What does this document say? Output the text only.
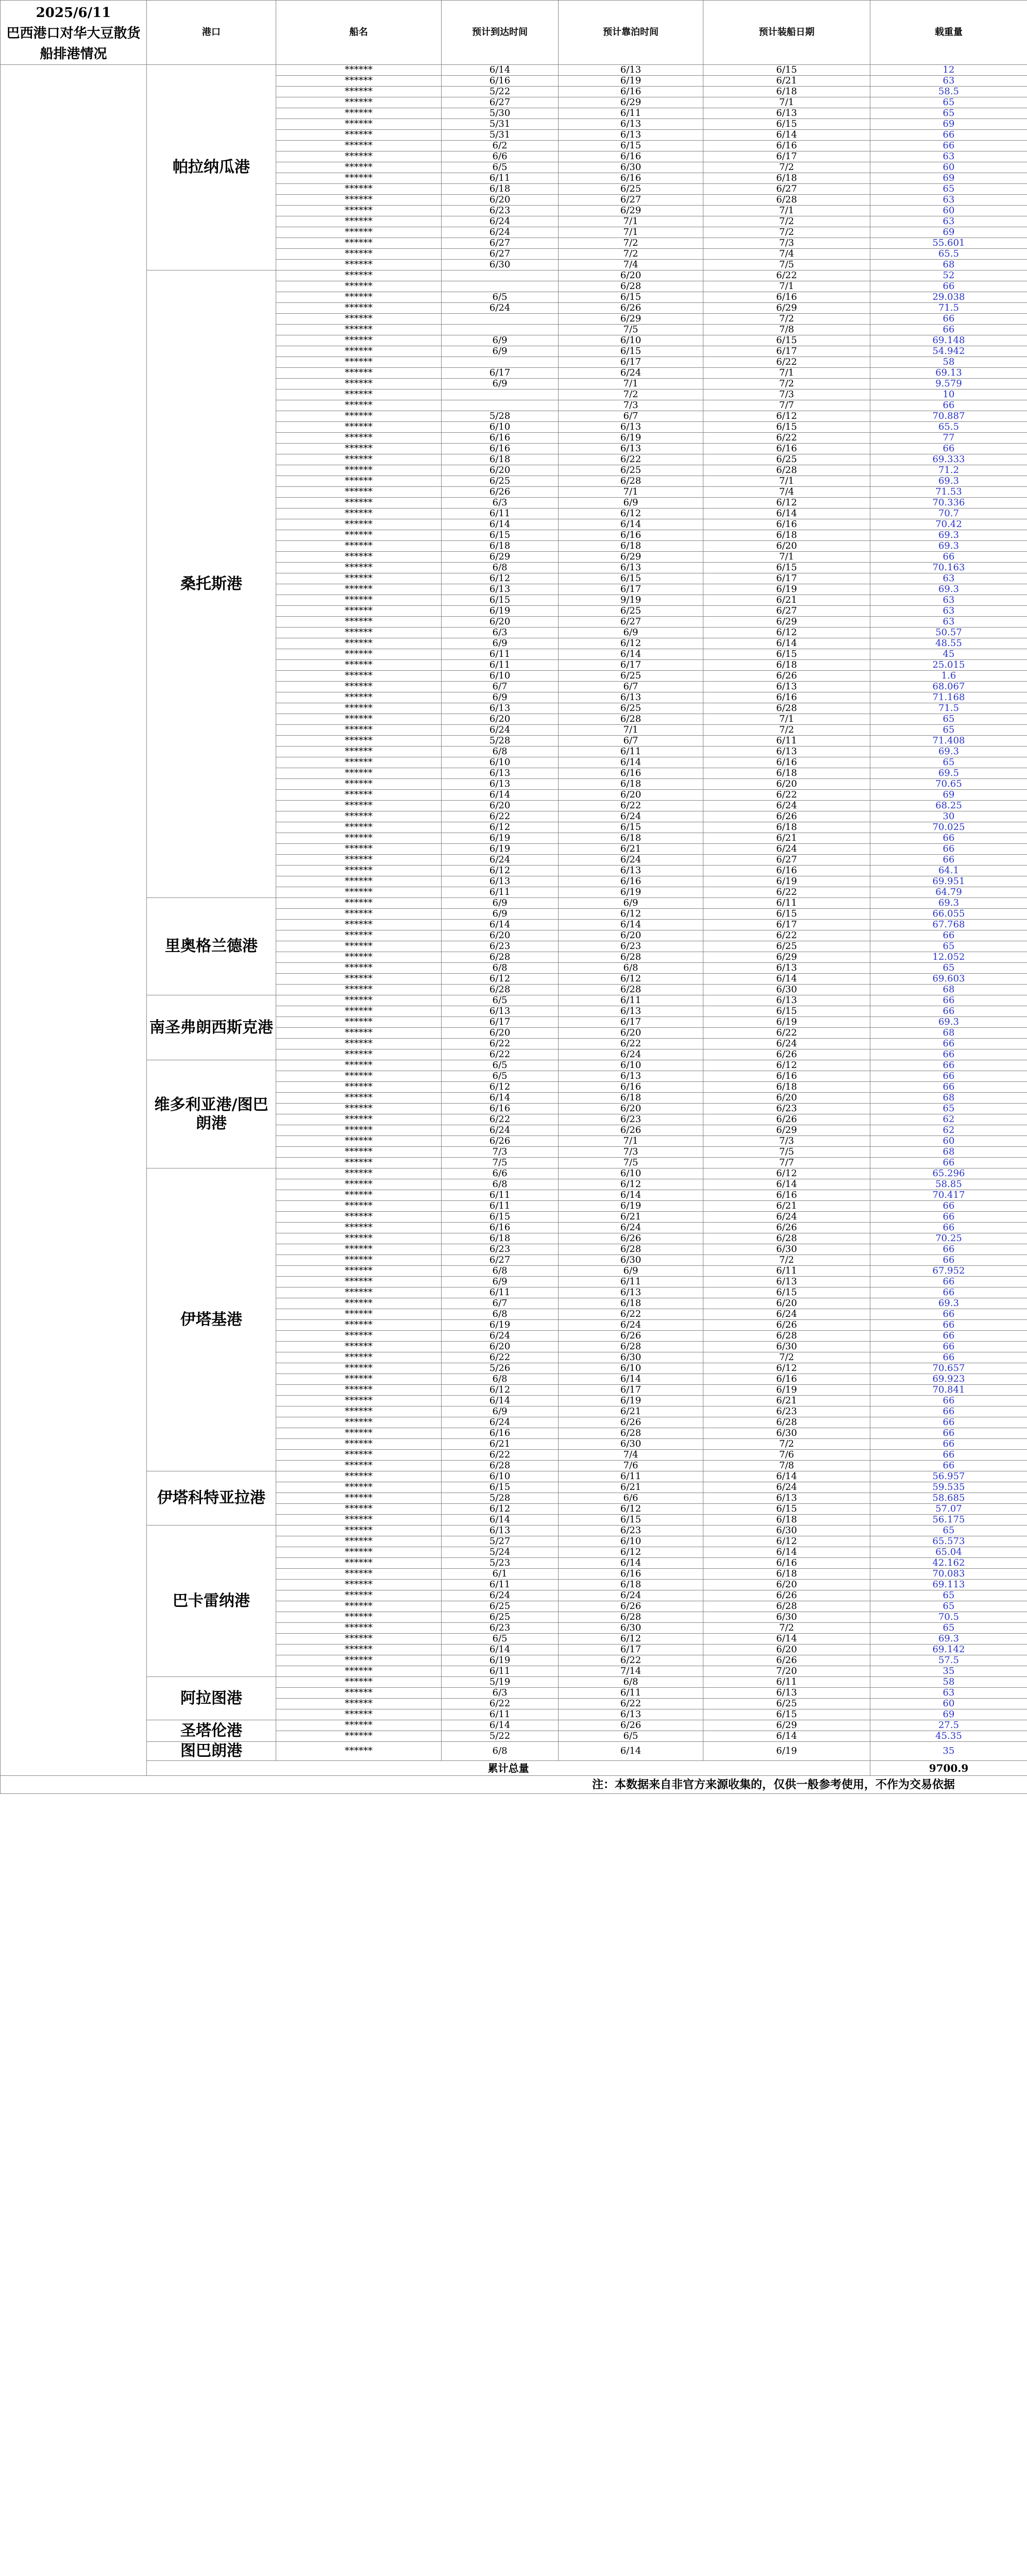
2025/6/11
巴西港口对华大豆散货船排港情况	港口	船名	预计到达时间	预计靠泊时间	预计装船日期	载重量
	帕拉纳瓜港	******	6/14	6/13	6/15	12
		******	6/16	6/19	6/21	63
		******	5/22	6/16	6/18	58.5
		******	6/27	6/29	7/1	65
		******	5/30	6/11	6/13	65
		******	5/31	6/13	6/15	69
		******	5/31	6/13	6/14	66
		******	6/2	6/15	6/16	66
		******	6/6	6/16	6/17	63
		******	6/5	6/30	7/2	60
		******	6/11	6/16	6/18	69
		******	6/18	6/25	6/27	65
		******	6/20	6/27	6/28	63
		******	6/23	6/29	7/1	60
		******	6/24	7/1	7/2	63
		******	6/24	7/1	7/2	69
		******	6/27	7/2	7/3	55.601
		******	6/27	7/2	7/4	65.5
		******	6/30	7/4	7/5	68
	桑托斯港	******		6/20	6/22	52
		******		6/28	7/1	66
		******	6/5	6/15	6/16	29.038
		******	6/24	6/26	6/29	71.5
		******		6/29	7/2	66
		******		7/5	7/8	66
		******	6/9	6/10	6/15	69.148
		******	6/9	6/15	6/17	54.942
		******		6/17	6/22	58
		******	6/17	6/24	7/1	69.13
		******	6/9	7/1	7/2	9.579
		******		7/2	7/3	10
		******		7/3	7/7	66
		******	5/28	6/7	6/12	70.887
		******	6/10	6/13	6/15	65.5
		******	6/16	6/19	6/22	77
		******	6/16	6/13	6/16	66
		******	6/18	6/22	6/25	69.333
		******	6/20	6/25	6/28	71.2
		******	6/25	6/28	7/1	69.3
		******	6/26	7/1	7/4	71.53
		******	6/3	6/9	6/12	70.336
		******	6/11	6/12	6/14	70.7
		******	6/14	6/14	6/16	70.42
		******	6/15	6/16	6/18	69.3
		******	6/18	6/18	6/20	69.3
		******	6/29	6/29	7/1	66
		******	6/8	6/13	6/15	70.163
		******	6/12	6/15	6/17	63
		******	6/13	6/17	6/19	69.3
		******	6/15	9/19	6/21	63
		******	6/19	6/25	6/27	63
		******	6/20	6/27	6/29	63
		******	6/3	6/9	6/12	50.57
		******	6/9	6/12	6/14	48.55
		******	6/11	6/14	6/15	45
		******	6/11	6/17	6/18	25.015
		******	6/10	6/25	6/26	1.6
		******	6/7	6/7	6/13	68.067
		******	6/9	6/13	6/16	71.168
		******	6/13	6/25	6/28	71.5
		******	6/20	6/28	7/1	65
		******	6/24	7/1	7/2	65
		******	5/28	6/7	6/11	71.408
		******	6/8	6/11	6/13	69.3
		******	6/10	6/14	6/16	65
		******	6/13	6/16	6/18	69.5
		******	6/13	6/18	6/20	70.65
		******	6/14	6/20	6/22	69
		******	6/20	6/22	6/24	68.25
		******	6/22	6/24	6/26	30
		******	6/12	6/15	6/18	70.025
		******	6/19	6/18	6/21	66
		******	6/19	6/21	6/24	66
		******	6/24	6/24	6/27	66
		******	6/12	6/13	6/16	64.1
		******	6/13	6/16	6/19	69.951
		******	6/11	6/19	6/22	64.79
	里奥格兰德港	******	6/9	6/9	6/11	69.3
		******	6/9	6/12	6/15	66.055
		******	6/14	6/14	6/17	67.768
		******	6/20	6/20	6/22	66
		******	6/23	6/23	6/25	65
		******	6/28	6/28	6/29	12.052
		******	6/8	6/8	6/13	65
		******	6/12	6/12	6/14	69.603
		******	6/28	6/28	6/30	68
	南圣弗朗西斯克港	******	6/5	6/11	6/13	66
		******	6/13	6/13	6/15	66
		******	6/17	6/17	6/19	69.3
		******	6/20	6/20	6/22	68
		******	6/22	6/22	6/24	66
		******	6/22	6/24	6/26	66
	维多利亚港/图巴朗港	******	6/5	6/10	6/12	66
		******	6/5	6/13	6/16	66
		******	6/12	6/16	6/18	66
		******	6/14	6/18	6/20	68
		******	6/16	6/20	6/23	65
		******	6/22	6/23	6/26	62
		******	6/24	6/26	6/29	62
		******	6/26	7/1	7/3	60
		******	7/3	7/3	7/5	68
		******	7/5	7/5	7/7	66
	伊塔基港	******	6/6	6/10	6/12	65.296
		******	6/8	6/12	6/14	58.85
		******	6/11	6/14	6/16	70.417
		******	6/11	6/19	6/21	66
		******	6/15	6/21	6/24	66
		******	6/16	6/24	6/26	66
		******	6/18	6/26	6/28	70.25
		******	6/23	6/28	6/30	66
		******	6/27	6/30	7/2	66
		******	6/8	6/9	6/11	67.952
		******	6/9	6/11	6/13	66
		******	6/11	6/13	6/15	66
		******	6/7	6/18	6/20	69.3
		******	6/8	6/22	6/24	66
		******	6/19	6/24	6/26	66
		******	6/24	6/26	6/28	66
		******	6/20	6/28	6/30	66
		******	6/22	6/30	7/2	66
		******	5/26	6/10	6/12	70.657
		******	6/8	6/14	6/16	69.923
		******	6/12	6/17	6/19	70.841
		******	6/14	6/19	6/21	66
		******	6/9	6/21	6/23	66
		******	6/24	6/26	6/28	66
		******	6/16	6/28	6/30	66
		******	6/21	6/30	7/2	66
		******	6/22	7/4	7/6	66
		******	6/28	7/6	7/8	66
	伊塔科特亚拉港	******	6/10	6/11	6/14	56.957
		******	6/15	6/21	6/24	59.535
		******	5/28	6/6	6/13	58.685
		******	6/12	6/12	6/15	57.07
		******	6/14	6/15	6/18	56.175
	巴卡雷纳港	******	6/13	6/23	6/30	65
		******	5/27	6/10	6/12	65.573
		******	5/24	6/12	6/14	65.04
		******	5/23	6/14	6/16	42.162
		******	6/1	6/16	6/18	70.083
		******	6/11	6/18	6/20	69.113
		******	6/24	6/24	6/26	65
		******	6/25	6/26	6/28	65
		******	6/25	6/28	6/30	70.5
		******	6/23	6/30	7/2	65
		******	6/5	6/12	6/14	69.3
		******	6/14	6/17	6/20	69.142
		******	6/19	6/22	6/26	57.5
		******	6/11	7/14	7/20	35
	阿拉图港	******	5/19	6/8	6/11	58
		******	6/3	6/11	6/13	63
		******	6/22	6/22	6/25	60
		******	6/11	6/13	6/15	69
	圣塔伦港	******	6/14	6/26	6/29	27.5
		******	5/22	6/5	6/14	45.35
	图巴朗港	******	6/8	6/14	6/19	35
	累计总量					9700.9
注：本数据来自非官方来源收集的，仅供一般参考使用，不作为交易依据						
